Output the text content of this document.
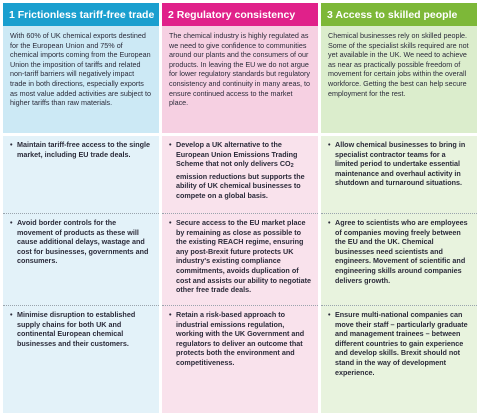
1 Frictionless tariff-free trade	2 Regulatory consistency	3 Access to skilled people
With 60% of UK chemical exports destined for the European Union and 75% of chemical imports coming from the European Union the imposition of tariffs and related non-tariff barriers will negatively impact trade in both directions, especially exports as most value added activities are subject to higher tariffs than raw materials.
The chemical industry is highly regulated as we need to give confidence to communities around our plants and the consumers of our products. In leaving the EU we do not argue for lower regulatory standards but regulatory consistency and continuity in many areas, to ensure continued access to the market place.
Chemical businesses rely on skilled people. Some of the specialist skills required are not yet available in the UK. We need to achieve as near as practically possible freedom of movement for certain jobs within the overall workforce. Getting the best can help secure employment for the rest.
• Maintain tariff-free access to the single market, including EU trade deals.
• Develop a UK alternative to the European Union Emissions Trading Scheme that not only delivers $CO_2$ emission reductions but supports the ability of UK chemical businesses to compete on a global basis.
• Allow chemical businesses to bring in specialist contractor teams for a limited period to undertake essential maintenance and overhaul activity in shutdown and turnaround situations.
• Avoid border controls for the movement of products as these will cause additional delays, wastage and cost for businesses, governments and consumers.
• Secure access to the EU market place by remaining as close as possible to the existing REACH regime, ensuring any post-Brexit future protects UK industry's existing compliance commitments, avoids duplication of cost and assists our ability to negotiate other free trade deals.
• Agree to scientists who are employees of companies moving freely between the EU and the UK. Chemical businesses need scientists and engineers. Movement of scientific and engineering skills around companies delivers growth.
• Minimise disruption to established supply chains for both UK and continental European chemical businesses and their customers.
• Retain a risk-based approach to industrial emissions regulation, working with the UK Government and regulators to deliver an outcome that protects both the environment and competitiveness.
• Ensure multi-national companies can move their staff – particularly graduate and management trainees – between different countries to gain experience and develop skills. Brexit should not stand in the way of development experience.
